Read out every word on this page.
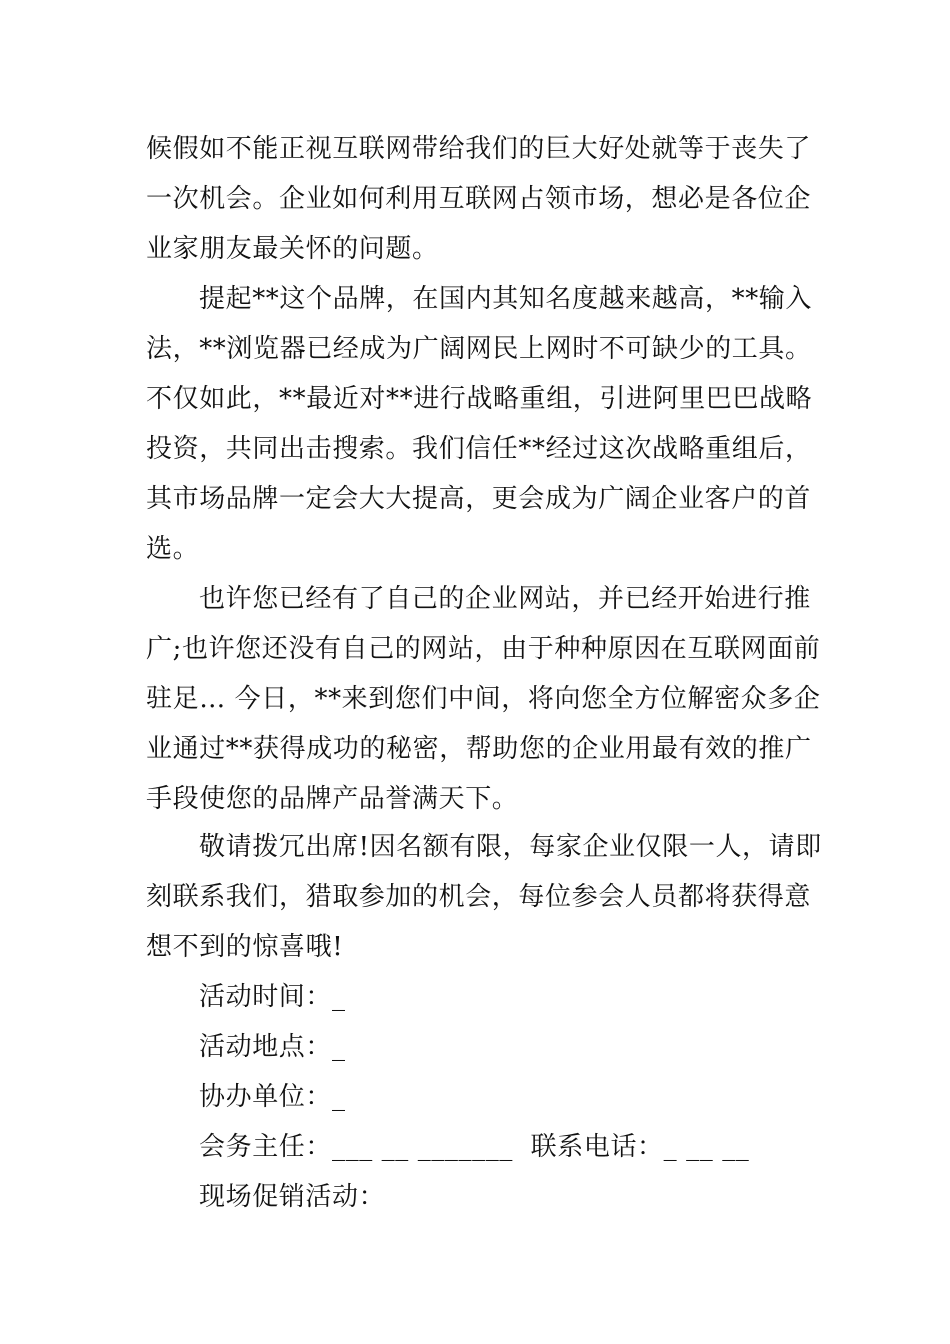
候假如不能正视互联网带给我们的巨大好处就等于丧失了
一次机会。企业如何利用互联网占领市场，想必是各位企
业家朋友最关怀的问题。
提起**这个品牌，在国内其知名度越来越高，**输入
法，**浏览器已经成为广阔网民上网时不可缺少的工具。
不仅如此，**最近对**进行战略重组，引进阿里巴巴战略
投资，共同出击搜索。我们信任**经过这次战略重组后，
其市场品牌一定会大大提高，更会成为广阔企业客户的首
选。
也许您已经有了自己的企业网站，并已经开始进行推
广;也许您还没有自己的网站，由于种种原因在互联网面前
驻足… 今日，**来到您们中间，将向您全方位解密众多企
业通过**获得成功的秘密，帮助您的企业用最有效的推广
手段使您的品牌产品誉满天下。
敬请拨冗出席!因名额有限，每家企业仅限一人，请即
刻联系我们，猎取参加的机会，每位参会人员都将获得意
想不到的惊喜哦!
活动时间：_
活动地点：_
协办单位：_
会务主任：___ __ _______  联系电话：_ __ __
现场促销活动：
